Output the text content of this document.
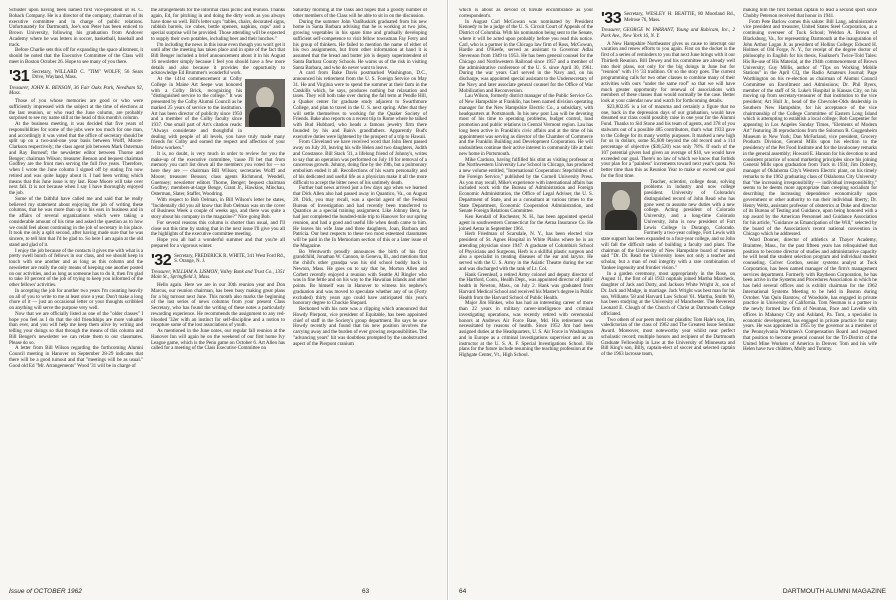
Schuster upon having been named first vice-president of H. C. Bohack Company. He is a director of the company, chairman of its executive committee and in charge of public relations. Unfortunately for Dartmouth, Joe's son Peter has been enticed to Brown University, following his graduation from Andover Academy where he was letters in soccer, basketball, baseball and track.

Before Charlie sets this off for expanding the space allotment, it should be noted that the Executive Committee of the Class will meet in Boston October 26. Hope to see many of you there.

'31 Secretary, WILLARD C. "TIM" WOLFF, 56 Sears Drive, Wayland, Mass.

Treasurer, JOHN K. BENSON, 36 Fair Oaks Park, Needham 92, Mass.

Those of you whose memories are good or who were sufficiently impressed with the subject at the time of elections at the last reunion, or who read the June column, are probably surprised to see my name still at the head of this month's column.

At the business meeting, it was decided that five years of responsibilities for some of the jobs were too much for one man, and accordingly it was voted that the office of secretary should be split up on a two-and-one year basis between Wolff, Moore-Clarkson respectively; the class agent job between Mark Osterman and Ray Borneuf; the newsletter editor between Thorne and Benger; chairman Wilson; treasurer Benson and bequest chairman Godfrey are the front men serving the full five years. Therefore, when I wrote the June column I signed off by stating I'm now retired and was quite happy about it. I had been writing which means that this June issue is my last. Rose Moore will take over next fall. It is not because when I say I have thoroughly enjoyed the job.

Some of the faithful have called me and said that he really believed my statement about enjoying the job of writing these columns, that he was more than up to his ears in business and in the affairs of several organizations which were taking a considerable amount of his time and asked the question as to how we could feel about continuing in the job of secretary in his place. It took me only a split second, after having made sure that he was sincere, to tell him that I'd be glad to. So here I am again at the old stand and glad of it.

I enjoy the job because of the contacts it gives me with what is a pretty swell bunch of fellows in our class, and we should keep in touch with one another and as long as this column and the newsletter are really the only means of keeping one another posted on our activities, and as long as someone has to do it, then I'm glad to take 10 percent of the job of trying to keep you informed of the other fellows' activities.

In accepting the job for another two years I'm counting heavily on all of you to write to me at least once a year. Don't make a long chore of it — just an occasional letter or your thoughts scribbled on anything will serve the purpose very well.

Now that we are officially listed as one of the "older classes" I hope you feel as I do that the old friendships are more valuable than ever, and you will help me keep them alive by writing and telling your doings so that through the means of this column and Bill Benger's newsletter we can relate them to our classmates. Please do so.

A letter from Bill Wilson regarding the forthcoming Alumni Council meeting in Hanover on September 28-29 indicates that there will be a good turnout and that "meetings will be as usual." Good old Ed "Mr. Arrangements" Wood '31 will be in charge of

the arrangements for the informal class picnic and reunion. Thanks again, Ed, for pitching in and doing the dirty work as you always have done so well. Bill's letter says "tables, chairs, decorated signs, rubbish barrels, ice cubes, bottle openers, napkins, cups" and a special surprise will be provided. Those attending will be expected to supply their own potables, including beer and their lunches."

I'm including the news in this issue even though you won't get it until after the meeting has taken place and in spite of the fact that Bill Benger included a brief announcement about it in his August 16 newsletter simply because I feel you should have a few more details and also because it provides the opportunity to acknowledge Ed Brummer's wonderful work.

At the 141st commencement at Colby College in Maine Art Seepe was honored with a Colby Brick, recognizing his "distinguished service to the college." It was presented by the Colby Alumni Council as he marked 25 years of service to the institution. Art has been director of publicity since 1950 and a member of the Colby faculty since 1937. One small part of Art's citation reads: "Always considerate and thoughtful in dealing with people of all levels, you have truly made many friends for Colby and earned the respect and affection of your fellow workers."

It is, no doubt, is very much in order to review for you the make-up of the executive committee, 'cause I'll bet that from memory you can't list down all the members you voted for — so here they are — chairman Bill Wilson; secretaries Wolff and Moore; treasurer Benson; class agents Richmond, Wendell, Guernsey; newsletter editors Thorne, Benger; bequest chairman Godfrey; members-at-large Benge, Grant Jr., Hawkins, Minchau, Osterman, Slater, Staffer, Woodring.

With respect to Bob Oelman, in Bill Wilson's letter he states, "Incidentally did you all know that Bob Oelman was on the cover of Business Week a couple of weeks ago, and there was quite a story about his company in the magazine?" Nice going Bob.

For several reasons this column is shorter than usual, and I'll close out this time by stating that in the next issue I'll give you all the highlights of the executive committee meeting.

Hope you all had a wonderful summer and that you're all prepared for a vigorous winter.

'32 Secretary, FREDERICK R. WHITE, 341 West Ford Rd., S. Orange, N. J.

Treasurer, WILLIAM A. LISMON, Valley Bank and Trust Co., 1351 Main St., Springfield 3, Mass.

Hello again. Here we are in our 30th reunion year and Don Marcus, our reunion chairman, has been busy making great plans for a big turnout next June. This month also marks the beginning of the last series of news columns from your present Class Secretary, who has found the writing of these notes a particularly rewarding experience. He recommends the assignment to any red-blooded '32er with an instinct for self-discipline and a notion to recapture some of the lost associations of youth.

As mentioned in the June notes, our regular fall reunion at the Hanover Inn will again be on the weekend of our first home Ivy League game, which is the Penn game on October 6. Art Allen has called for a meeting of the Class Executive Committee on

Saturday morning at the Oaks and hopes that a goodly number of other members of the Class will be able to sit in on the discussion.

During the summer John VanBuskirk graduated from his new home in Santa Barbara advising that he is working at two jobs, growing vegetables in his spare time and gradually developing sufficient self-competence to visit fellow townsman Fay Ferry and his group of thinkers. He failed to mention the name of either of his two assignments, but from other information at hand it is assumed that the bread and butter job is deputy superintendent of Santa Barbara County Schools. He warns us of the risk in visiting Santa Barbara, and who do never want to leave.

A card from Bake Davis postmarked Washington, D.C., announced his retirement from the U. S. Foreign Service on May 31. He and Virginia were to spend the summer at their farm in the Catskills which, he says, produces nothing but relaxation and taxes. They will both take over during the fall term at Pendle Hill, a Quaker center for graduate study adjacent to Swarthmore College, and plan to travel in the U. S. next spring. After that they will settle themselves to working for the Quaker Society of Friends. Bake also reports on a recent trip to Rome where he talked with Bud Hubbard, who heads a famous jewelry firm there founded by his and Bain's grandfathers. Apparently Bud's executive duties were lightened by the prospect of a trip to Hawaii.

From Cleveland we have received word that John Bent passed away on July 20, leaving his wife Helen and two daughters, Judith and Constance. Bill Stack '31, a lifelong friend of Johnny's, writes to say that an operation was performed on July 10 for removal of a cancerous growth. Johnny, doing fine by the 19th, but a pulmonary embolism ended it all. Recollections of his warm personality and of his dedicated and useful life as a physician make it all the more difficult to accept the bitter news of his untimely death.

Further bad news arrived just a few days ago when we learned that Dick Allen also had passed away in Quantico, Va., on August 28. Dick, you may recall, was a special agent of the Federal Bureau of Investigation and had recently been transferred to Quantico as a special training assignment. Like Johnny Bent, he had just completed the hundred-mile trip to Hanover for our spring reunion, and had a good and useful life when death came to him. He leaves his wife Jane and three daughters, Joan, Barbara and Patricia. Our best respects to these two most esteemed classmates will be paid in the In Memoriam section of this or a later issue of the Magazine.

Bo Wentworth proudly announces the birth of his first grandchild, Jonathan W. Cannon, in Geneva, Ill., and mentions that the child's other grandpa was his old school buddy back in Newton, Mass. He goes on to say that he, Morton Allen and Corbett recently enjoyed a reunion with Seattle Al Ringler who was in fine fettle and on his way to the Hawaiian Islands and other points. Bo himself was in Hanover to witness his nephew's graduation and was moved to speculate whether any of us (Forty excluded) thirty years ago could have anticipated this year's honorary degree to Chuckie Shepard.

Reckoned with his note was a clipping which announced that Howdy Pierpont, vice president of Equitable, has been appointed chief of staff in the Society's group department. Bo says he saw Howdy recently and found that his new position involves the carrying away and the burden of ever growing responsibilities. The "advancing years" hit was doubtless prompted by the unobstructed aspect of the Pierpont cranium

Issue of OCTOBER 1962	63

which is about as devoid of hirsute encumbrance as your correspondent's.

In August Carl McGowan was nominated by President Kennedy to be a judge of the U. S. Circuit Court of Appeals of the District of Columbia. With his nomination being sent to the Senate, where it will be acted upon probably before you read this notice. Carl, who is a partner in the Chicago law firm of Ross, McGowan, Hardie and O'Keefe, served as assistant to Governor Adlai Stevenson from 1949 to 1953. He has been general counsel for the Chicago and Northwestern Railroad since 1957 and a member of the administrative conference of the U. S. since April 30, 1961. During the war years Carl served in the Navy and, on his discharge, was appointed special assistant to the Undersecretary of the Navy and later associate general counsel for the Office of War Mobilization and Reconversion.

Lau Wilson, formerly district manager of the Public Service Co. of New Hampshire at Franklin, has been named division operating manager for the New Hampshire Electric Co., a subsidiary, with headquarters at Portsmouth. In his new post Lau will be devoting most of his time to operating problems, budget control, load promotion and public relations in Central Vermont region. Lau has long been active in Franklin's civic affairs and at the time of his appointment was serving as director of the Chamber of Commerce and the Franklin Building and Development Corporation. He will undoubtless continue their active interest in community life at their new home in Portsmouth.

Mike Cardozo, having fulfilled his stint as visiting professor at the Northwestern University Law School in Chicago, has produced a new volume entitled, "International Cooperation: Stepchildren of the Foreign Service," published by the Cornell University Press. As you may recall, Mike's experience with international affairs has included work with the Bureau of Administration and Foreign Economic Administration, the Office of Legal Adviser, the U. S. Department of State, and as a consultant at various times to the State Department, Economic Cooperation Administration, and Senate Foreign Relations Committee.

Ken Kendall of Rochester, N. H., has been appointed special agent in southwestern Connecticut for the Aetna Insurance Co. He joined Aetna in September 1961.

Herb Friedman of Scarsdale, N. Y., has been elected vice president of St. Agnes Hospital in White Plains where he is an attending physician since 1947. A graduate of Columbia's School of Physicians and Surgeons, Herb is a skillful plastic surgeon and also a specialist in treating diseases of the ear and larynx. He served with the U. S. Army in the Asiatic Theatre during the war and was discharged with the rank of Lt. Col.

Hank Greenleaf, a retired Army colonel and deputy director of the Hartford, Conn., Health Dept., was appointed director of public health in Newton, Mass., on July 2. Hank was graduated from Harvard Medical School and received his Master's degree in Public Health from the Harvard School of Public Health.

Major Jim Hinkes, who has had an interesting career of more than 22 years in military career-intelligence and criminal investigating operations, was recently retired with ceremonial honors at Andrews Air Force Base, Md. His retirement was necessitated by reasons of health. Since 1952 Jim had been assigned duties at the Headquarters, U. S. Air Force in Washington and in Europe as a criminal investigations supervisor and as an instructor at the U. S. A. F. Special Investigations School. His plans for the future include resuming the teaching profession at the Highgate Center, Vt., High School.

'33 Secretary, WESLEY H. BEATTIE, 80 Moorland Rd., Melrose 76, Mass.

Treasurer, GEORGE W. FARRANT, Young and Rubicam, Inc., 2 Park Ave., New York 16, N. Y.

A New Hampshire Northeaster gives us cause to interrupt our vacation and renew efforts to you again. First on the docket is the first of a series of reminders to you that next June brings with it our Thirtieth Reunion. Bill Dewey and his committee are already well into their plans, not only for the big doings in June but for "reunion" with 1½ '33 tradition. Or so the story goes. The current programming calls for two other classes to combine many of their activities with ours "under the same roof" so that we will have much greater opportunity for renewal of associations with members of these classes than would normally be the case. Better look at your calendar now and watch for forthcoming details.

$23,802.85 is a lot of mazuma and certainly a figure that no one, back in the depression days of our graduation, would have dreamed our class could possibly raise in one year for the Alumni Fund. Thanks to Sid Stone and his team of agents, and 378 of you stalwarts out of a possible 485 contributors, that's what 1933 gave to the College for its many worthy purposes. It marked a new high for us in dollars, some $5,600 beyond the old record and a 114 percentage of objective ($30,520) was only 78%. If each of the 107 potential givers had given an average of $10, we would have exceeded our goal. There's no law of which we know that forbids your plan for a "painless" increments toward next year's quota. No better time than this as Reunion Year to make or exceed our goal for the first time.

Teacher, scientist, college dean, solving problems in industry and now college president. University of Colorado's distinguished record of John Read who has gone west to assume new duties with a new college. Acting president of Colorado University, and a long-time Colorado University, John is now president of Fort Lewis College in Durango, Colorado. Formerly a two-year college, Fort Lewis with state support has been expanded to a four-year college, and so John will fall the difficult tasks of building a faculty and plant. The chairman of the University of New Hampshire board of trustees said "Dr. Dr. Read the University loses not only a teacher and scholar, but a man of real integrity with a rare combination of Yankee ingenuity and frontier vision."

In a garden ceremony, most appropriately in the Rose, on August 11, the first of all 1933 nuptials joined Martha Marcheck, daughter of Jack and Dotty, and Jackson White Wright Jr., son of Dr. Jack and Madge, in marriage. Jack Wright was best man for his son, Williams '58 and Harvard Law School '61. Martha, Smith '60, has been studying at the University of Manchester. The Reverend Leonard E. Clough of the Church of Christ at Dartmouth College officiated.

Two others of our peers merit our plaudits: Tom Hale's son, Jim, valedictorian of the class of 1962 and The Greatest Issue Seminar Award. Moreover, most noteworthy year whilst near perfect scholastic record; multiple honors and recipient of the Dartmouth Graduate Fellowship in Law at the University of Minnesota and Bill King's son, Billy, captain-elect of soccer and selected captain of the 1963 lacrosse team,

making him the first football captain to lead a second sport since Chubby Peterson received that honor in 1941.

From Pete Barlow comes this salute: Bill Lang, administrative vice president and treasurer, United States Steel Corporation, as a continuing overseer of Tuck School; Weldon A. Brown of Blacksburg, Va., for representing Dartmouth at the inauguration of John Arthur Logan Jr. as president of Hollins College; Edward H. Holmes of Old Forge, N. Y., for receipt of the degree doctor of philosophy in English for his thesis, Faulkner's Twice-Told Tales: His Re-use of His Material, at the 194th commencement of Brown University; Guy Millis, author of "Tips on Working Mobile Stations" in the April CQ, the Radio Amateurs Journal; Page Worthington on his re-election as chairman of Alumni Council Committee on Enrollment and Admissions; Dr. Phil Byers, member of the staff of St. Luke's Hospital in Kansas City, on his moving up from secretary-treasurer of that institution to the vice president; Art Hull Jr., head of the Chevrolet-Olds dealership in Southern New Hampshire, for his acceptance of the vice chairmanship of the College Committee of Eastern Long Island which is attempting to establish a local college; Bob Carpentier for appearing in Los Angeles Sunday Times, "Elements of Modern Art" featuring 36 reproductions from the Solomon R. Guggenheim Museum in New York; Dan McFarland, vice president, Grocery Products Division, General Mills upon his election to the presidency of the Pet Food Institute and for the lavalooney remarks in the general assembly; Howard E. Hanson for his devotion to and consistent practice of sound marketing principles since his joining General Mills upon graduation from Tuck in 1934; Jim Doherty, manager of Oklahoma City's Western Electric plant, on his timely remarks to the 1962 graduating class of Oklahoma City University that "the increasing irresponsibility — individual irresponsibility," seems to be deems more appropriate than creeping socialism for describing the increasing dependence economically upon government or other authority to run their individual liberty; Dr. Henry Weltz, assistant professor of obstetrics at Duke and director of its Bureau of Testing and Guidance, upon being honored with a top award by the American Personnel and Guidance Association for his article, "Guidance as Emancipation of the Will," selected by the board of the Association's recent national convention in Chicago which he addressed.

Ward Donner, director of athletics at Thayer Academy, Braintree, Mass., for the past fifteen years has relinquished that position to become director of studies and administrative capacity he will head the student selection program and individual student counseling. Colver Gordon, senior systems analyst at Tuck Corporation, has been named manager of the firm's management services department. Formerly with Raytheon Corporation, he has been active in the Systems and Procedures Association in which he has held several offices and is exhibit chairman for the 1962 International Systems Meeting to be held in Boston during October. Van Quin Barstow, of Woodside, has engaged in private practice in University of California. Tom Neuman is a partner in the newly formed law firm of Neuman, Pace and Lavelle with offices in Mahanoy City and Ashland, Pa. Tom, a specialist in economic development, has engaged in private practice for many years. He was appointed in 1955 by the governor as a member of the Pennsylvania Workmen's Compensation Board and resigned that position to become general counsel for the Tri-District of the United Mine Workers of America in Denver. Tom and his wife Helen have two children, Molly and Tommy.

64	DARTMOUTH ALUMNI MAGAZINE
